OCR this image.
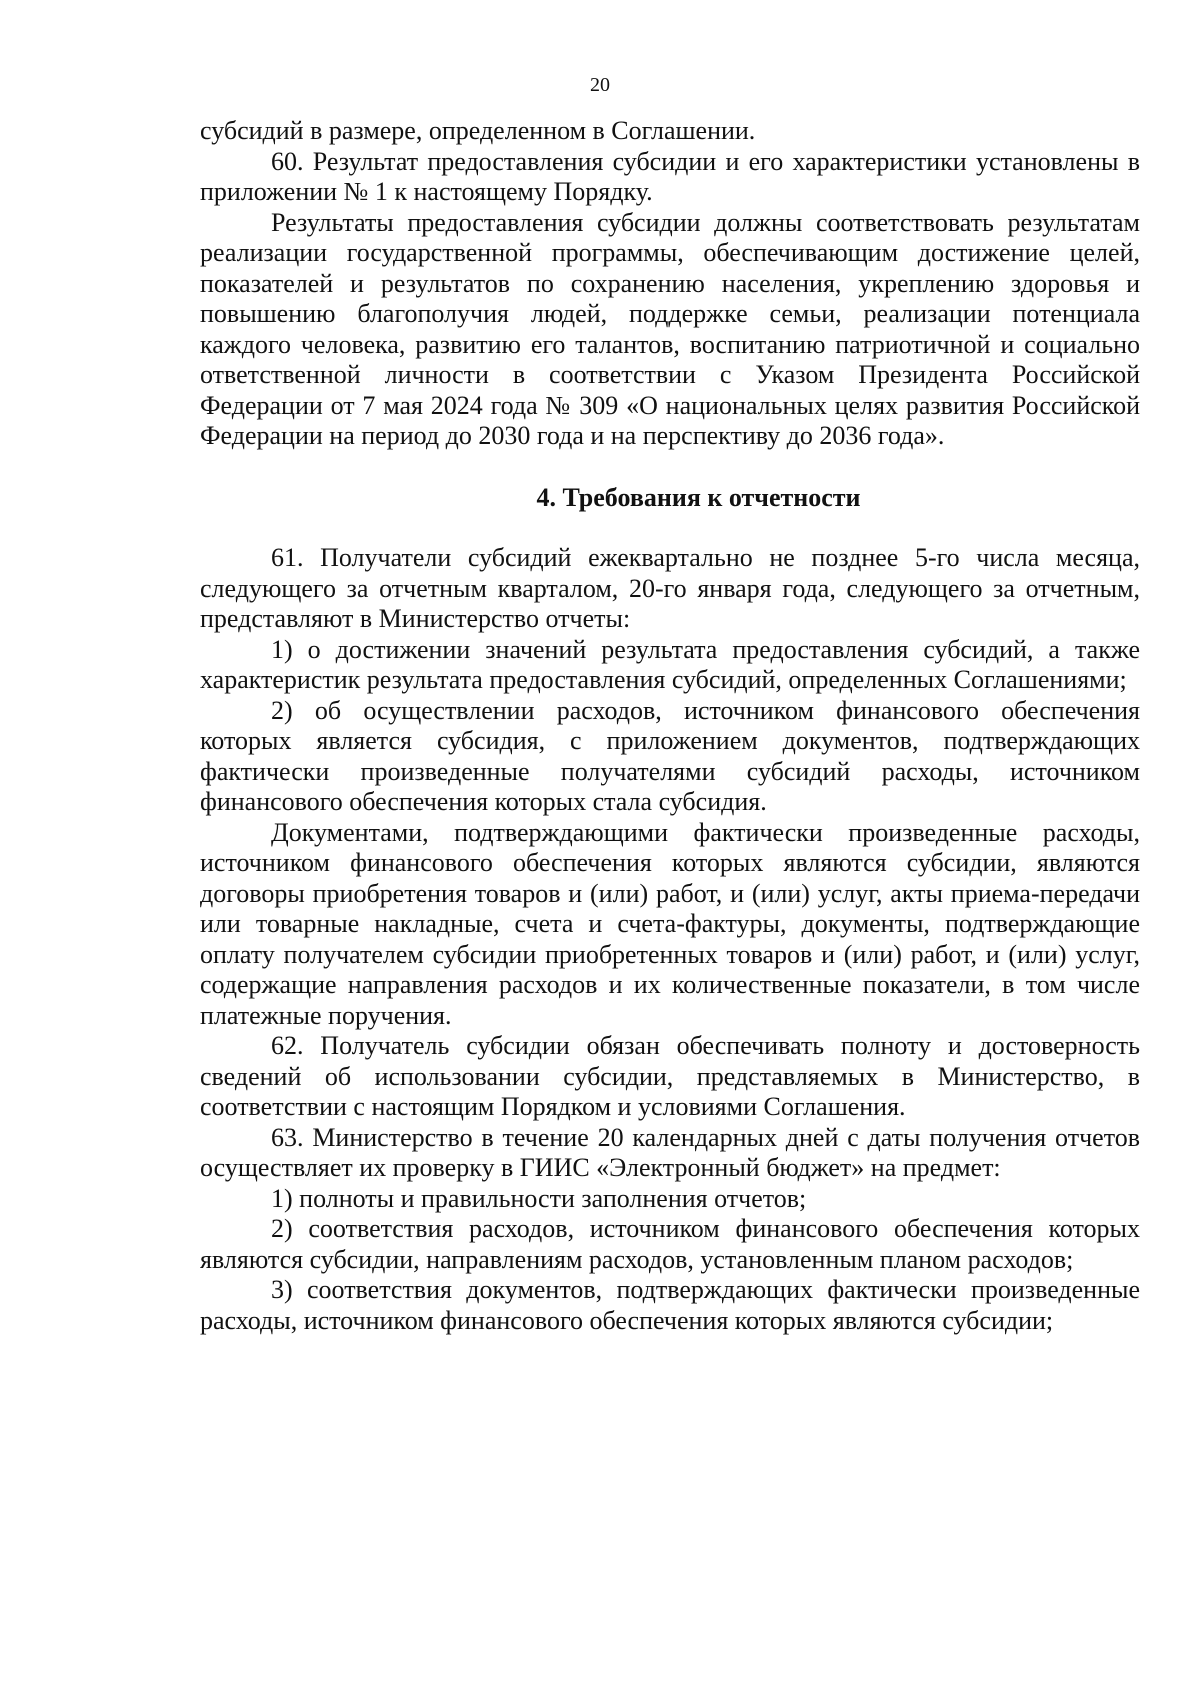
20

субсидий в размере, определенном в Соглашении.

60. Результат предоставления субсидии и его характеристики установлены в приложении № 1 к настоящему Порядку.

Результаты предоставления субсидии должны соответствовать результатам реализации государственной программы, обеспечивающим достижение целей, показателей и результатов по сохранению населения, укреплению здоровья и повышению благополучия людей, поддержке семьи, реализации потенциала каждого человека, развитию его талантов, воспитанию патриотичной и социально ответственной личности в соответствии с Указом Президента Российской Федерации от 7 мая 2024 года № 309 «О национальных целях развития Российской Федерации на период до 2030 года и на перспективу до 2036 года».

4. Требования к отчетности

61. Получатели субсидий ежеквартально не позднее 5-го числа месяца, следующего за отчетным кварталом, 20-го января года, следующего за отчетным, представляют в Министерство отчеты:

1) о достижении значений результата предоставления субсидий, а также характеристик результата предоставления субсидий, определенных Соглашениями;

2) об осуществлении расходов, источником финансового обеспечения которых является субсидия, с приложением документов, подтверждающих фактически произведенные получателями субсидий расходы, источником финансового обеспечения которых стала субсидия.

Документами, подтверждающими фактически произведенные расходы, источником финансового обеспечения которых являются субсидии, являются договоры приобретения товаров и (или) работ, и (или) услуг, акты приема-передачи или товарные накладные, счета и счета-фактуры, документы, подтверждающие оплату получателем субсидии приобретенных товаров и (или) работ, и (или) услуг, содержащие направления расходов и их количественные показатели, в том числе платежные поручения.

62. Получатель субсидии обязан обеспечивать полноту и достоверность сведений об использовании субсидии, представляемых в Министерство, в соответствии с настоящим Порядком и условиями Соглашения.

63. Министерство в течение 20 календарных дней с даты получения отчетов осуществляет их проверку в ГИИС «Электронный бюджет» на предмет:

1) полноты и правильности заполнения отчетов;

2) соответствия расходов, источником финансового обеспечения которых являются субсидии, направлениям расходов, установленным планом расходов;

3) соответствия документов, подтверждающих фактически произведенные расходы, источником финансового обеспечения которых являются субсидии;
